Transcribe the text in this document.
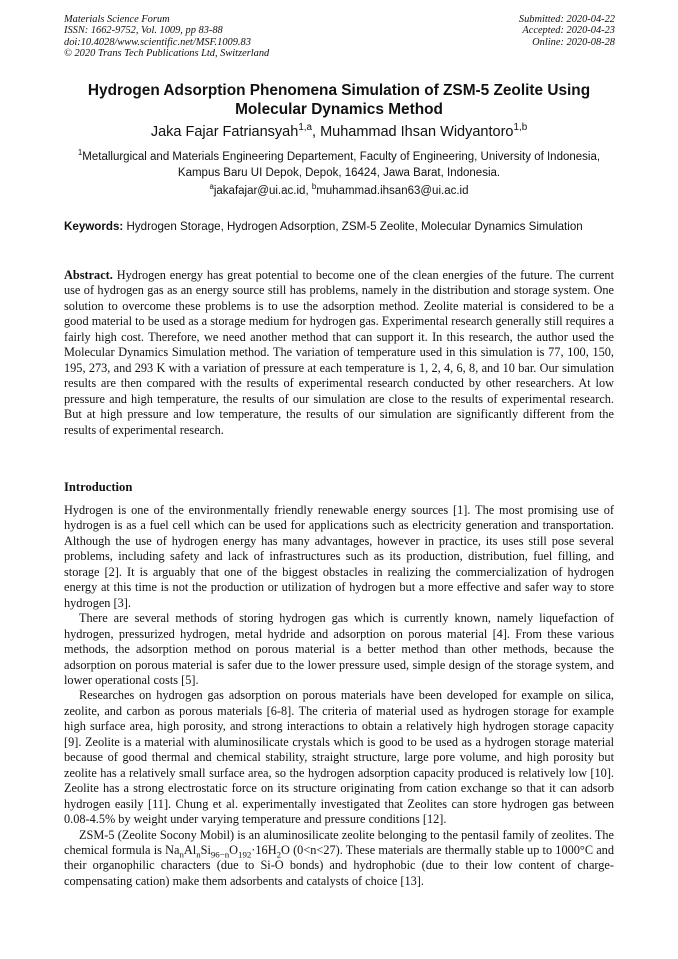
Materials Science Forum
ISSN: 1662-9752, Vol. 1009, pp 83-88
doi:10.4028/www.scientific.net/MSF.1009.83
© 2020 Trans Tech Publications Ltd, Switzerland
Submitted: 2020-04-22
Accepted: 2020-04-23
Online: 2020-08-28
Hydrogen Adsorption Phenomena Simulation of ZSM-5 Zeolite Using Molecular Dynamics Method
Jaka Fajar Fatriansyah$^{1,a}$, Muhammad Ihsan Widyantoro$^{1,b}$
$^1$Metallurgical and Materials Engineering Departement, Faculty of Engineering, University of Indonesia, Kampus Baru UI Depok, Depok, 16424, Jawa Barat, Indonesia.
$^a$jakafajar@ui.ac.id, $^b$muhammad.ihsan63@ui.ac.id
Keywords: Hydrogen Storage, Hydrogen Adsorption, ZSM-5 Zeolite, Molecular Dynamics Simulation
Abstract. Hydrogen energy has great potential to become one of the clean energies of the future. The current use of hydrogen gas as an energy source still has problems, namely in the distribution and storage system. One solution to overcome these problems is to use the adsorption method. Zeolite material is considered to be a good material to be used as a storage medium for hydrogen gas. Experimental research generally still requires a fairly high cost. Therefore, we need another method that can support it. In this research, the author used the Molecular Dynamics Simulation method. The variation of temperature used in this simulation is 77, 100, 150, 195, 273, and 293 K with a variation of pressure at each temperature is 1, 2, 4, 6, 8, and 10 bar. Our simulation results are then compared with the results of experimental research conducted by other researchers. At low pressure and high temperature, the results of our simulation are close to the results of experimental research. But at high pressure and low temperature, the results of our simulation are significantly different from the results of experimental research.
Introduction

Hydrogen is one of the environmentally friendly renewable energy sources [1]. The most promising use of hydrogen is as a fuel cell which can be used for applications such as electricity generation and transportation. Although the use of hydrogen energy has many advantages, however in practice, its uses still pose several problems, including safety and lack of infrastructures such as its production, distribution, fuel filling, and storage [2]. It is arguably that one of the biggest obstacles in realizing the commercialization of hydrogen energy at this time is not the production or utilization of hydrogen but a more effective and safer way to store hydrogen [3].

There are several methods of storing hydrogen gas which is currently known, namely liquefaction of hydrogen, pressurized hydrogen, metal hydride and adsorption on porous material [4]. From these various methods, the adsorption method on porous material is a better method than other methods, because the adsorption on porous material is safer due to the lower pressure used, simple design of the storage system, and lower operational costs [5].

Researches on hydrogen gas adsorption on porous materials have been developed for example on silica, zeolite, and carbon as porous materials [6-8]. The criteria of material used as hydrogen storage for example high surface area, high porosity, and strong interactions to obtain a relatively high hydrogen storage capacity [9]. Zeolite is a material with aluminosilicate crystals which is good to be used as a hydrogen storage material because of good thermal and chemical stability, straight structure, large pore volume, and high porosity but zeolite has a relatively small surface area, so the hydrogen adsorption capacity produced is relatively low [10]. Zeolite has a strong electrostatic force on its structure originating from cation exchange so that it can adsorb hydrogen easily [11]. Chung et al. experimentally investigated that Zeolites can store hydrogen gas between 0.08-4.5% by weight under varying temperature and pressure conditions [12].

ZSM-5 (Zeolite Socony Mobil) is an aluminosilicate zeolite belonging to the pentasil family of zeolites. The chemical formula is $Na_nAl_nSi_{96-n}O_{192}\cdot 16H_2O$ (0<n<27). These materials are thermally stable up to 1000°C and their organophilic characters (due to Si-O bonds) and hydrophobic (due to their low content of charge-compensating cation) make them adsorbents and catalysts of choice [13].
